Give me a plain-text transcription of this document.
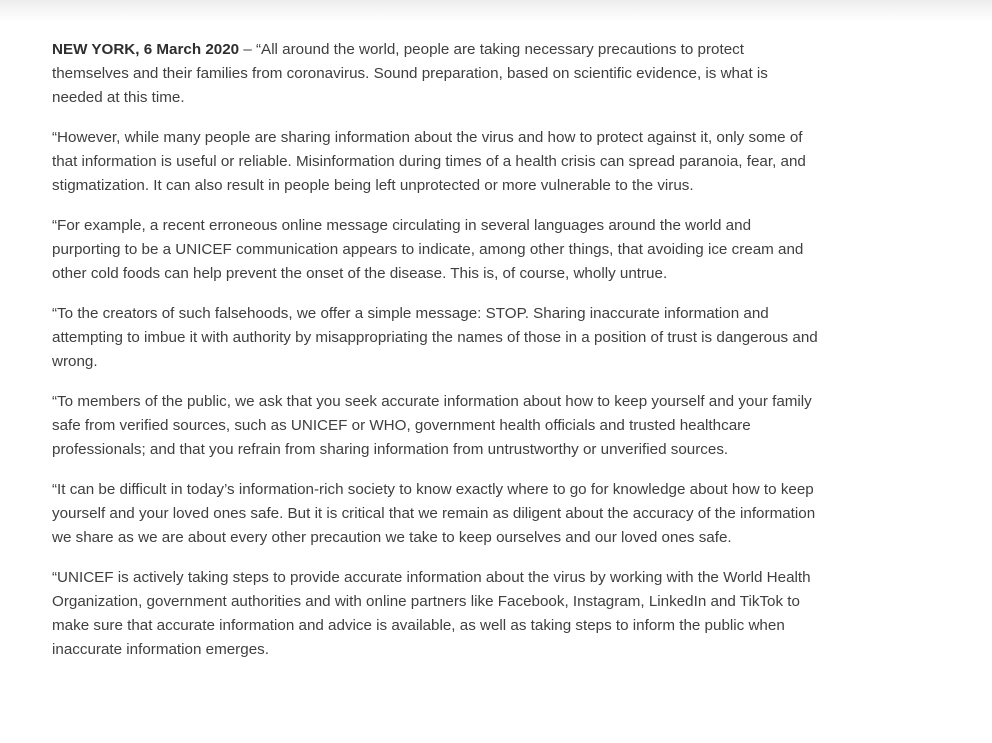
NEW YORK, 6 March 2020 – “All around the world, people are taking necessary precautions to protect themselves and their families from coronavirus. Sound preparation, based on scientific evidence, is what is needed at this time.

“However, while many people are sharing information about the virus and how to protect against it, only some of that information is useful or reliable. Misinformation during times of a health crisis can spread paranoia, fear, and stigmatization. It can also result in people being left unprotected or more vulnerable to the virus.

“For example, a recent erroneous online message circulating in several languages around the world and purporting to be a UNICEF communication appears to indicate, among other things, that avoiding ice cream and other cold foods can help prevent the onset of the disease. This is, of course, wholly untrue.

“To the creators of such falsehoods, we offer a simple message: STOP. Sharing inaccurate information and attempting to imbue it with authority by misappropriating the names of those in a position of trust is dangerous and wrong.

“To members of the public, we ask that you seek accurate information about how to keep yourself and your family safe from verified sources, such as UNICEF or WHO, government health officials and trusted healthcare professionals; and that you refrain from sharing information from untrustworthy or unverified sources.

“It can be difficult in today’s information-rich society to know exactly where to go for knowledge about how to keep yourself and your loved ones safe. But it is critical that we remain as diligent about the accuracy of the information we share as we are about every other precaution we take to keep ourselves and our loved ones safe.

“UNICEF is actively taking steps to provide accurate information about the virus by working with the World Health Organization, government authorities and with online partners like Facebook, Instagram, LinkedIn and TikTok to make sure that accurate information and advice is available, as well as taking steps to inform the public when inaccurate information emerges.
